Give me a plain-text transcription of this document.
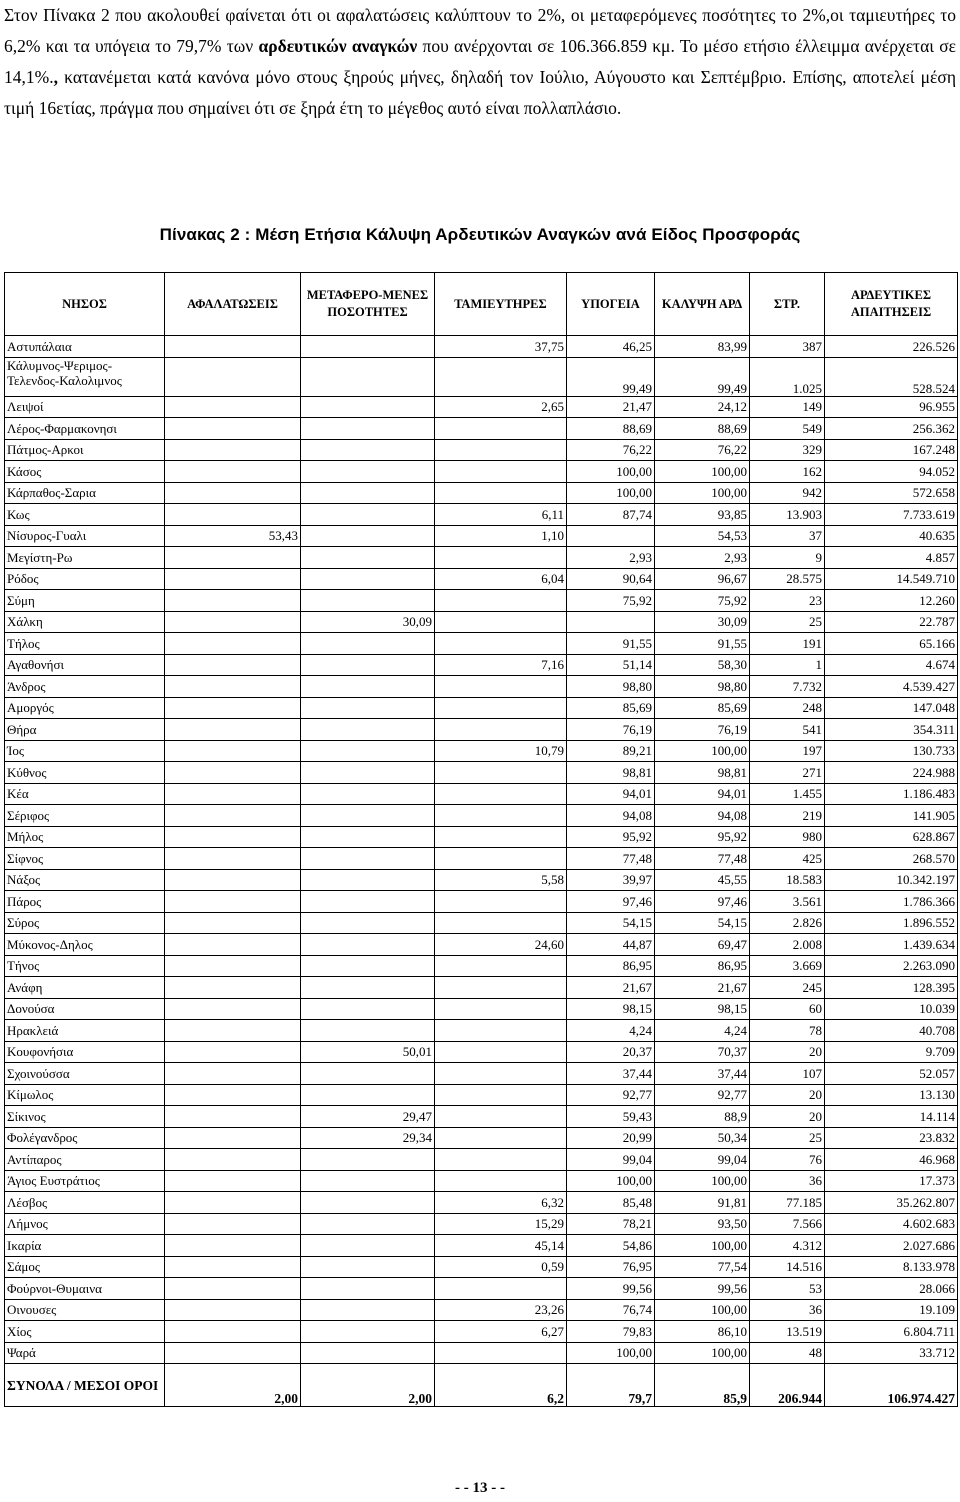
Στον Πίνακα 2 που ακολουθεί φαίνεται ότι οι αφαλατώσεις καλύπτουν το 2%, οι μεταφερόμενες ποσότητες το 2%,οι ταμιευτήρες το 6,2% και τα υπόγεια το 79,7% των αρδευτικών αναγκών που ανέρχονται σε 106.366.859 κμ. Το μέσο ετήσιο έλλειμμα ανέρχεται σε 14,1%., κατανέμεται κατά κανόνα μόνο στους ξηρούς μήνες, δηλαδή τον Ιούλιο, Αύγουστο και Σεπτέμβριο. Επίσης, αποτελεί μέση τιμή 16ετίας, πράγμα που σημαίνει ότι σε ξηρά έτη το μέγεθος αυτό είναι πολλαπλάσιο.
Πίνακας 2 : Μέση Ετήσια Κάλυψη Αρδευτικών Αναγκών ανά Είδος Προσφοράς
ΝΗΣΟΣ	ΑΦΑΛΑΤΩΣΕΙΣ	ΜΕΤΑΦΕΡΟ-ΜΕΝΕΣ ΠΟΣΟΤΗΤΕΣ	ΤΑΜΙΕΥΤΗΡΕΣ	ΥΠΟΓΕΙΑ	ΚΑΛΥΨΗ ΑΡΔ	ΣΤΡ.	ΑΡΔΕΥΤΙΚΕΣ ΑΠΑΙΤΗΣΕΙΣ
Αστυπάλαια			37,75	46,25	83,99	387	226.526
Κάλυμνος-Ψεριμος-Τελενδος-Καλολιμνος				99,49	99,49	1.025	528.524
Λειψοί			2,65	21,47	24,12	149	96.955
Λέρος-Φαρμακονησι				88,69	88,69	549	256.362
Πάτμος-Αρκοι				76,22	76,22	329	167.248
Κάσος				100,00	100,00	162	94.052
Κάρπαθος-Σαρια				100,00	100,00	942	572.658
Κως			6,11	87,74	93,85	13.903	7.733.619
Νίσυρος-Γυαλι	53,43		1,10		54,53	37	40.635
Μεγίστη-Ρω				2,93	2,93	9	4.857
Ρόδος			6,04	90,64	96,67	28.575	14.549.710
Σύμη				75,92	75,92	23	12.260
Χάλκη		30,09			30,09	25	22.787
Τήλος				91,55	91,55	191	65.166
Αγαθονήσι			7,16	51,14	58,30	1	4.674
Άνδρος				98,80	98,80	7.732	4.539.427
Αμοργός				85,69	85,69	248	147.048
Θήρα				76,19	76,19	541	354.311
Ίος			10,79	89,21	100,00	197	130.733
Κύθνος				98,81	98,81	271	224.988
Κέα				94,01	94,01	1.455	1.186.483
Σέριφος				94,08	94,08	219	141.905
Μήλος				95,92	95,92	980	628.867
Σίφνος				77,48	77,48	425	268.570
Νάξος			5,58	39,97	45,55	18.583	10.342.197
Πάρος				97,46	97,46	3.561	1.786.366
Σύρος				54,15	54,15	2.826	1.896.552
Μύκονος-Δηλος			24,60	44,87	69,47	2.008	1.439.634
Τήνος				86,95	86,95	3.669	2.263.090
Ανάφη				21,67	21,67	245	128.395
Δονούσα				98,15	98,15	60	10.039
Ηρακλειά				4,24	4,24	78	40.708
Κουφονήσια		50,01		20,37	70,37	20	9.709
Σχοινούσσα				37,44	37,44	107	52.057
Κίμωλος				92,77	92,77	20	13.130
Σίκινος		29,47		59,43	88,9	20	14.114
Φολέγανδρος		29,34		20,99	50,34	25	23.832
Αντίπαρος				99,04	99,04	76	46.968
Άγιος Ευστράτιος				100,00	100,00	36	17.373
Λέσβος			6,32	85,48	91,81	77.185	35.262.807
Λήμνος			15,29	78,21	93,50	7.566	4.602.683
Ικαρία			45,14	54,86	100,00	4.312	2.027.686
Σάμος			0,59	76,95	77,54	14.516	8.133.978
Φούρνοι-Θυμαινα				99,56	99,56	53	28.066
Οινουσες			23,26	76,74	100,00	36	19.109
Χίος			6,27	79,83	86,10	13.519	6.804.711
Ψαρά				100,00	100,00	48	33.712
ΣΥΝΟΛΑ / ΜΕΣΟΙ ΟΡΟΙ	2,00	2,00	6,2	79,7	85,9	206.944	106.974.427
- - 13 - -
